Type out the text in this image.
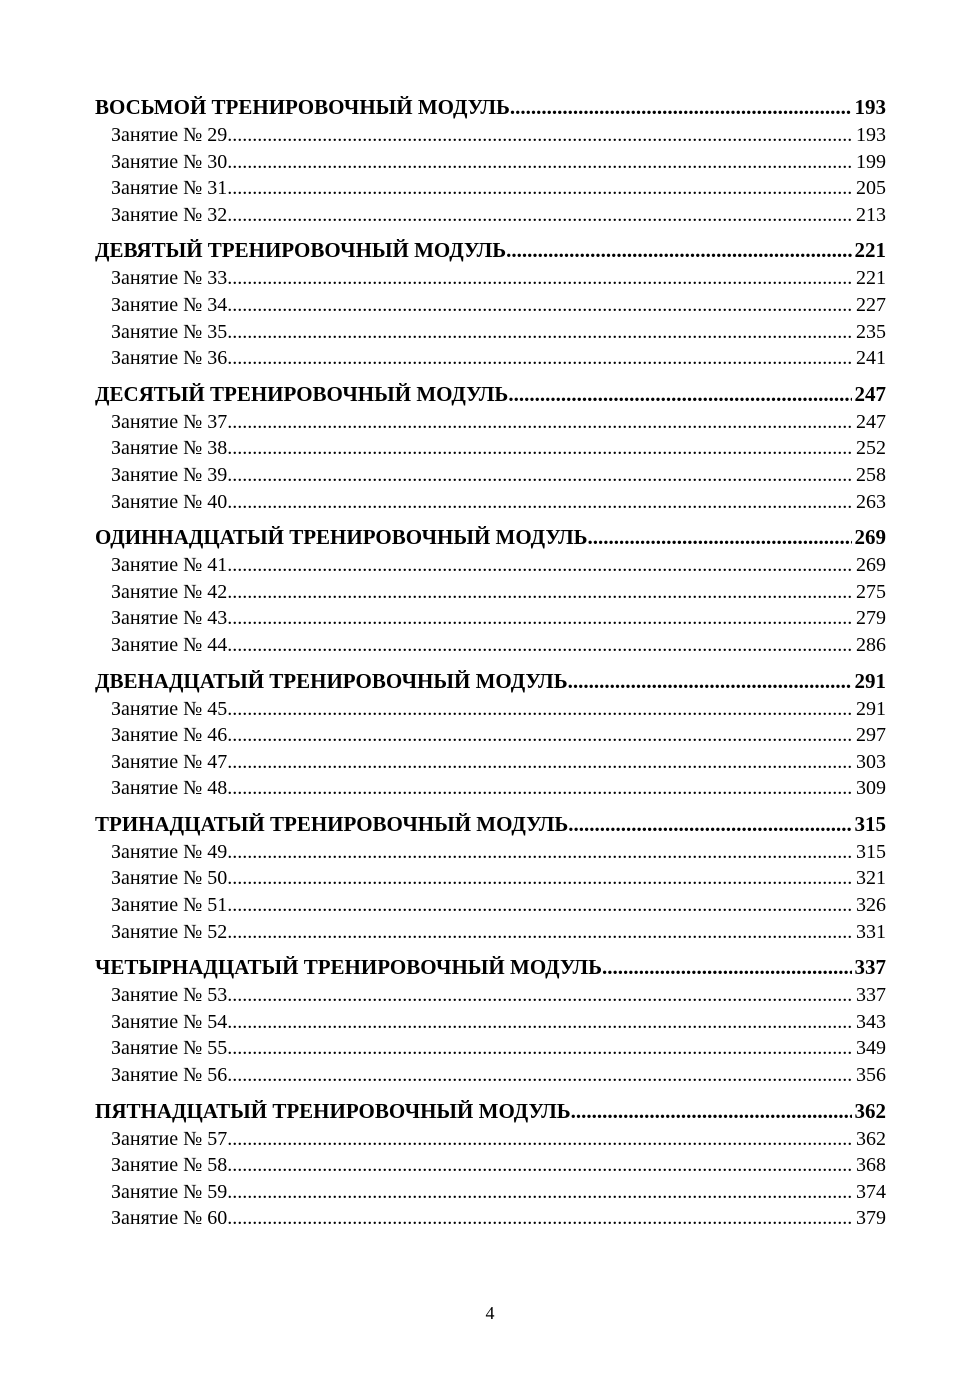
ВОСЬМОЙ ТРЕНИРОВОЧНЫЙ МОДУЛЬ .....	193
Занятие № 29 .....	193
Занятие № 30 .....	199
Занятие № 31 .....	205
Занятие № 32 .....	213
ДЕВЯТЫЙ ТРЕНИРОВОЧНЫЙ МОДУЛЬ .....	221
Занятие № 33 .....	221
Занятие № 34 .....	227
Занятие № 35 .....	235
Занятие № 36 .....	241
ДЕСЯТЫЙ ТРЕНИРОВОЧНЫЙ МОДУЛЬ .....	247
Занятие № 37 .....	247
Занятие № 38 .....	252
Занятие № 39 .....	258
Занятие № 40 .....	263
ОДИННАДЦАТЫЙ ТРЕНИРОВОЧНЫЙ МОДУЛЬ .....	269
Занятие № 41 .....	269
Занятие № 42 .....	275
Занятие № 43 .....	279
Занятие № 44 .....	286
ДВЕНАДЦАТЫЙ ТРЕНИРОВОЧНЫЙ МОДУЛЬ .....	291
Занятие № 45 .....	291
Занятие № 46 .....	297
Занятие № 47 .....	303
Занятие № 48 .....	309
ТРИНАДЦАТЫЙ ТРЕНИРОВОЧНЫЙ МОДУЛЬ .....	315
Занятие № 49 .....	315
Занятие № 50 .....	321
Занятие № 51 .....	326
Занятие № 52 .....	331
ЧЕТЫРНАДЦАТЫЙ ТРЕНИРОВОЧНЫЙ МОДУЛЬ .....	337
Занятие № 53 .....	337
Занятие № 54 .....	343
Занятие № 55 .....	349
Занятие № 56 .....	356
ПЯТНАДЦАТЫЙ ТРЕНИРОВОЧНЫЙ МОДУЛЬ .....	362
Занятие № 57 .....	362
Занятие № 58 .....	368
Занятие № 59 .....	374
Занятие № 60 .....	379
4
